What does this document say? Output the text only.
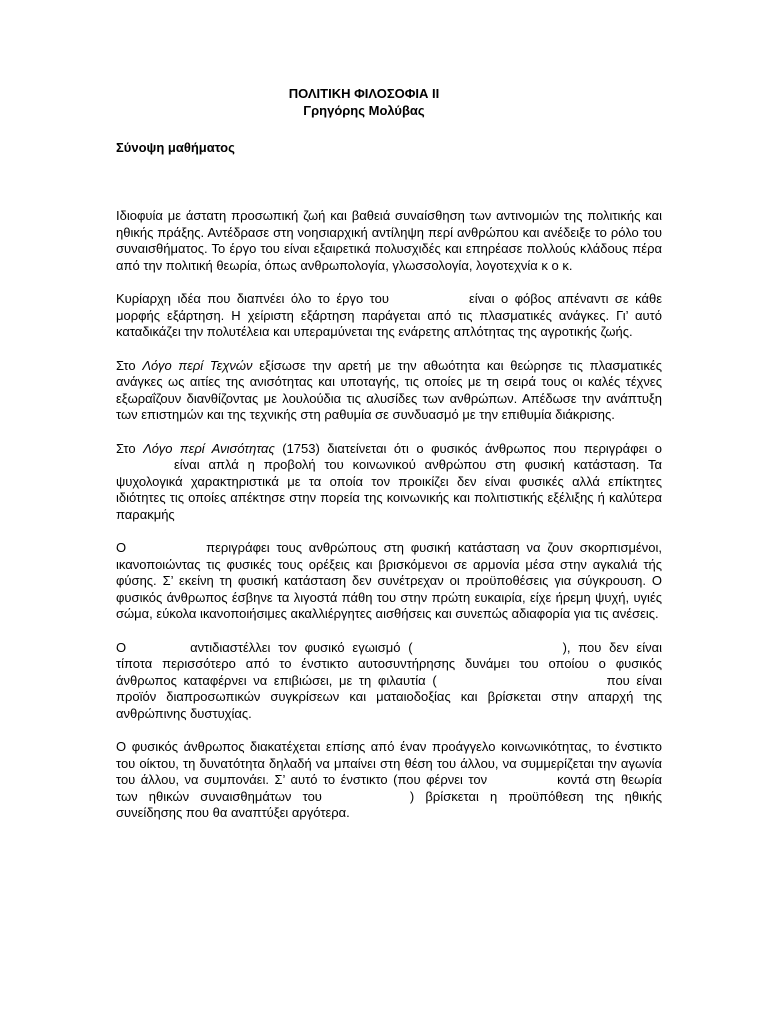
ΠΟΛΙΤΙΚΗ ΦΙΛΟΣΟΦΙΑ ΙΙ
Γρηγόρης Μολύβας
Σύνοψη μαθήματος

Ιδιοφυία με άστατη προσωπική ζωή και βαθειά συναίσθηση των αντινομιών της πολιτικής και ηθικής πράξης. Αντέδρασε στη νοησιαρχική αντίληψη περί ανθρώπου και ανέδειξε το ρόλο του συναισθήματος. Το έργο του είναι εξαιρετικά πολυσχιδές και επηρέασε πολλούς κλάδους πέρα από την πολιτική θεωρία, όπως ανθρωπολογία, γλωσσολογία, λογοτεχνία κ ο κ.

Κυρίαρχη ιδέα που διαπνέει όλο το έργο του	είναι ο φόβος απέναντι σε κάθε μορφής εξάρτηση. Η χείριστη εξάρτηση παράγεται από τις πλασματικές ανάγκες. Γι’ αυτό καταδικάζει την πολυτέλεια και υπεραμύνεται της ενάρετης απλότητας της αγροτικής ζωής.

Στο Λόγο περί Τεχνών εξίσωσε την αρετή με την αθωότητα και θεώρησε τις πλασματικές ανάγκες ως αιτίες της ανισότητας και υποταγής, τις οποίες με τη σειρά τους οι καλές τέχνες εξωραΐζουν διανθίζοντας με λουλούδια τις αλυσίδες των ανθρώπων. Απέδωσε την ανάπτυξη των επιστημών και της τεχνικής στη ραθυμία σε συνδυασμό με την επιθυμία διάκρισης.

Στο Λόγο περί Ανισότητας (1753) διατείνεται ότι ο φυσικός άνθρωπος που περιγράφει οείναι απλά η προβολή του κοινωνικού ανθρώπου στη φυσική κατάσταση. Τα ψυχολογικά χαρακτηριστικά με τα οποία τον προικίζει δεν είναι φυσικές αλλά επίκτητες ιδιότητες τις οποίες απέκτησε στην πορεία της κοινωνικής και πολιτιστικής εξέλιξης ή καλύτερα παρακμής

Ο	περιγράφει τους ανθρώπους στη φυσική κατάσταση να ζουν σκορπισμένοι, ικανοποιώντας τις φυσικές τους ορέξεις και βρισκόμενοι σε αρμονία μέσα στην αγκαλιά τής φύσης. Σ’ εκείνη τη φυσική κατάσταση δεν συνέτρεχαν οι προϋποθέσεις για σύγκρουση. Ο φυσικός άνθρωπος έσβηνε τα λιγοστά πάθη του στην πρώτη ευκαιρία, είχε ήρεμη ψυχή, υγιές σώμα, εύκολα ικανοποιήσιμες ακαλλιέργητες αισθήσεις και συνεπώς αδιαφορία για τις ανέσεις.

Ο	αντιδιαστέλλει τον φυσικό εγωισμό (	), που δεν είναι τίποτα περισσότερο από το ένστικτο αυτοσυντήρησης δυνάμει του οποίου ο φυσικός άνθρωπος καταφέρνει να επιβιώσει, με τη φιλαυτία (	που είναι προϊόν διαπροσωπικών συγκρίσεων και ματαιοδοξίας και βρίσκεται στην απαρχή της ανθρώπινης δυστυχίας.

Ο φυσικός άνθρωπος διακατέχεται επίσης από έναν προάγγελο κοινωνικότητας, το ένστικτο του οίκτου, τη δυνατότητα δηλαδή να μπαίνει στη θέση του άλλου, να συμμερίζεται την αγωνία του άλλου, να συμπονάει. Σ’ αυτό το ένστικτο (που φέρνει τον	κοντά στη θεωρία των ηθικών συναισθημάτων του	) βρίσκεται η προϋπόθεση της ηθικής συνείδησης που θα αναπτύξει αργότερα.
